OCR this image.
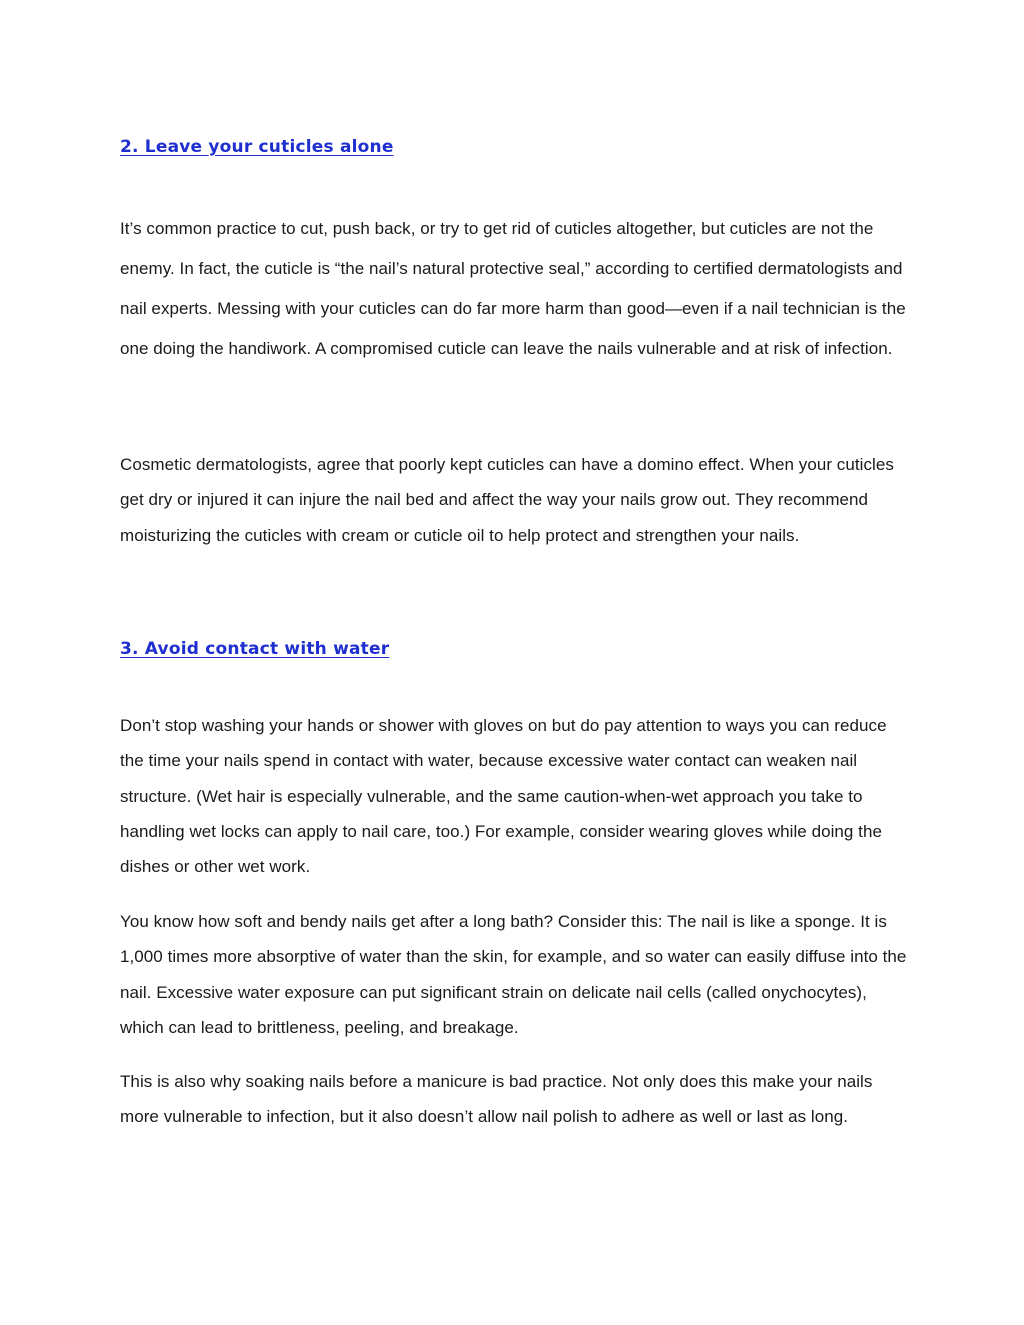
2. Leave your cuticles alone

It’s common practice to cut, push back, or try to get rid of cuticles altogether, but cuticles are not the enemy. In fact, the cuticle is “the nail’s natural protective seal,” according to certified dermatologists and nail experts. Messing with your cuticles can do far more harm than good—even if a nail technician is the one doing the handiwork. A compromised cuticle can leave the nails vulnerable and at risk of infection.

Cosmetic dermatologists, agree that poorly kept cuticles can have a domino effect. When your cuticles get dry or injured it can injure the nail bed and affect the way your nails grow out. They recommend moisturizing the cuticles with cream or cuticle oil to help protect and strengthen your nails.

3. Avoid contact with water

Don’t stop washing your hands or shower with gloves on but do pay attention to ways you can reduce the time your nails spend in contact with water, because excessive water contact can weaken nail structure. (Wet hair is especially vulnerable, and the same caution-when-wet approach you take to handling wet locks can apply to nail care, too.) For example, consider wearing gloves while doing the dishes or other wet work.

You know how soft and bendy nails get after a long bath? Consider this: The nail is like a sponge. It is 1,000 times more absorptive of water than the skin, for example, and so water can easily diffuse into the nail. Excessive water exposure can put significant strain on delicate nail cells (called onychocytes), which can lead to brittleness, peeling, and breakage.

This is also why soaking nails before a manicure is bad practice. Not only does this make your nails more vulnerable to infection, but it also doesn’t allow nail polish to adhere as well or last as long.
